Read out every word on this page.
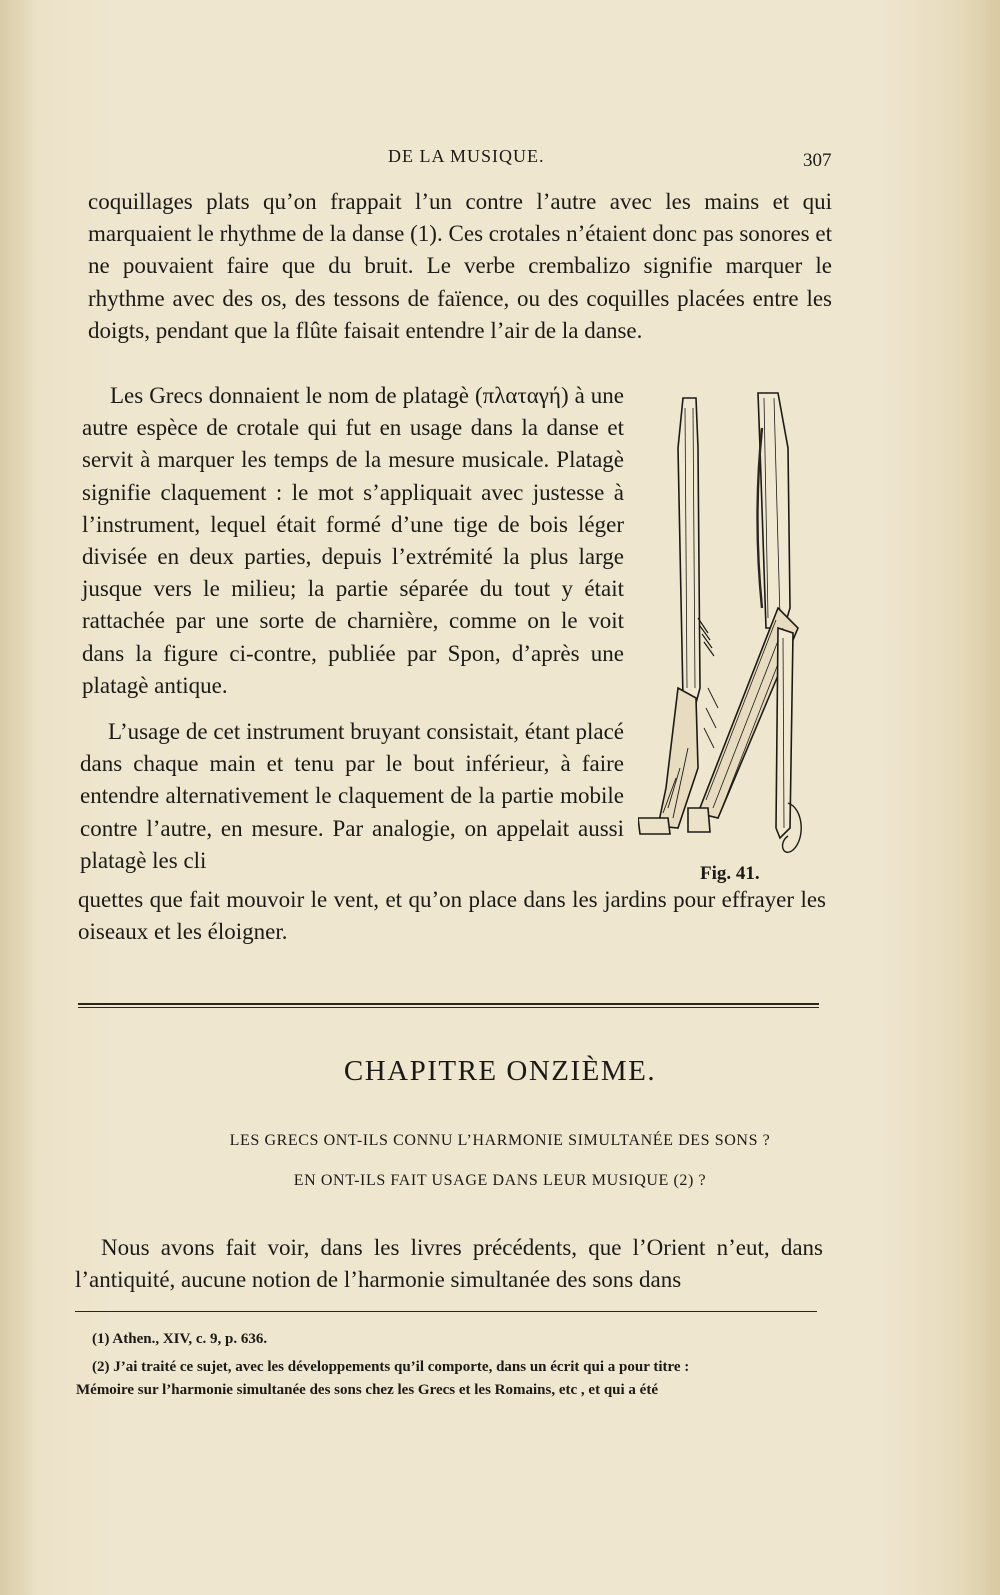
DE LA MUSIQUE.	307
coquillages plats qu’on frappait l’un contre l’autre avec les mains et qui marquaient le rhythme de la danse (1). Ces crotales n’étaient donc pas sonores et ne pouvaient faire que du bruit. Le verbe crembalizo signifie marquer le rhythme avec des os, des tessons de faïence, ou des coquilles placées entre les doigts, pendant que la flûte faisait entendre l’air de la danse.
Les Grecs donnaient le nom de platagè (πλαταγή) à une autre espèce de crotale qui fut en usage dans la danse et servit à marquer les temps de la mesure musicale. Platagè signifie claquement : le mot s’appliquait avec justesse à l’instrument, lequel était formé d’une tige de bois léger divisée en deux parties, depuis l’extrémité la plus large jusque vers le milieu; la partie séparée du tout y était rattachée par une sorte de charnière, comme on le voit dans la figure ci-contre, publiée par Spon, d’après une platagè antique.
L’usage de cet instrument bruyant consistait, étant placé dans chaque main et tenu par le bout inférieur, à faire entendre alternativement le claquement de la partie mobile contre l’autre, en mesure. Par analogie, on appelait aussi platagè les cli
quettes que fait mouvoir le vent, et qu’on place dans les jardins pour effrayer les oiseaux et les éloigner.
Fig. 41.
CHAPITRE ONZIÈME.
LES GRECS ONT-ILS CONNU L’HARMONIE SIMULTANÉE DES SONS ?
EN ONT-ILS FAIT USAGE DANS LEUR MUSIQUE (2) ?
Nous avons fait voir, dans les livres précédents, que l’Orient n’eut, dans l’antiquité, aucune notion de l’harmonie simultanée des sons dans
(1) Athen., XIV, c. 9, p. 636.
(2) J’ai traité ce sujet, avec les développements qu’il comporte, dans un écrit qui a pour titre :
Mémoire sur l’harmonie simultanée des sons chez les Grecs et les Romains, etc , et qui a été
